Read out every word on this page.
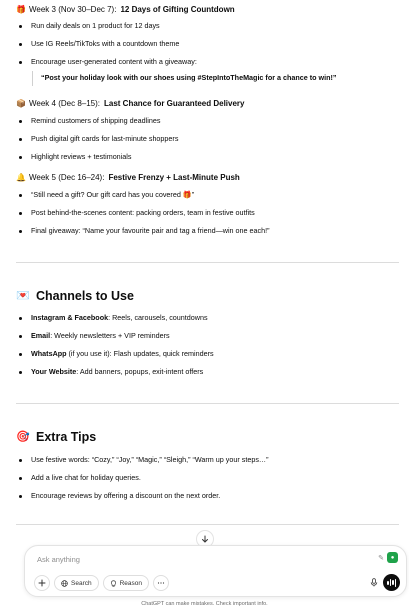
🎁 Week 3 (Nov 30–Dec 7): 12 Days of Gifting Countdown
Run daily deals on 1 product for 12 days
Use IG Reels/TikToks with a countdown theme
Encourage user-generated content with a giveaway:
“Post your holiday look with our shoes using #StepIntoTheMagic for a chance to win!”
📦 Week 4 (Dec 8–15): Last Chance for Guaranteed Delivery
Remind customers of shipping deadlines
Push digital gift cards for last-minute shoppers
Highlight reviews + testimonials
🔔 Week 5 (Dec 16–24): Festive Frenzy + Last-Minute Push
“Still need a gift? Our gift card has you covered 🎁”
Post behind-the-scenes content: packing orders, team in festive outfits
Final giveaway: “Name your favourite pair and tag a friend—win one each!”
💌 Channels to Use
Instagram & Facebook: Reels, carousels, countdowns
Email: Weekly newsletters + VIP reminders
WhatsApp (if you use it): Flash updates, quick reminders
Your Website: Add banners, popups, exit-intent offers
🎯 Extra Tips
Use festive words: “Cozy,” “Joy,” “Magic,” “Sleigh,” “Warm up your steps…”
Add a live chat for holiday queries.
Encourage reviews by offering a discount on the next order.
Ask anything	✎	●
Search	Reason
ChatGPT can make mistakes. Check important info.
